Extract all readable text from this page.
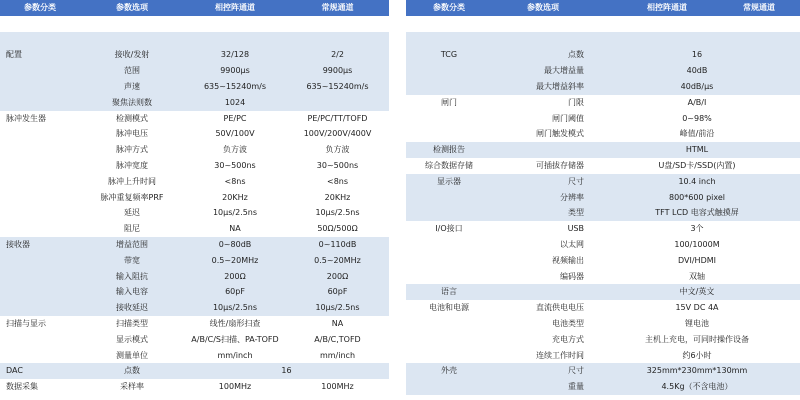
参数分类	参数选项	相控阵通道	常规通道

配置	接收/发射	32/128	2/2
	范围	9900μs	9900μs
	声速	635~15240m/s	635~15240m/s
	聚焦法则数	1024	
脉冲发生器	检测模式	PE/PC	PE/PC/TT/TOFD
	脉冲电压	50V/100V	100V/200V/400V
	脉冲方式	负方波	负方波
	脉冲宽度	30~500ns	30~500ns
	脉冲上升时间	<8ns	<8ns
	脉冲重复频率PRF	20KHz	20KHz
	延迟	10μs/2.5ns	10μs/2.5ns
	阻尼	NA	50Ω/500Ω
接收器	增益范围	0~80dB	0~110dB
	带宽	0.5~20MHz	0.5~20MHz
	输入阻抗	200Ω	200Ω
	输入电容	60pF	60pF
	接收延迟	10μs/2.5ns	10μs/2.5ns
扫描与显示	扫描类型	线性/扇形扫查	NA
	显示模式	A/B/C/S扫描、PA-TOFD	A/B/C,TOFD
	测量单位	mm/inch	mm/inch
DAC	点数	16	
数据采集	采样率	100MHz	100MHz
参数分类	参数选项	相控阵通道	常规通道

TCG	点数	16	
	最大增益量	40dB	
	最大增益斜率	40dB/μs	
闸门	门限	A/B/I	
	闸门阈值	0~98%	
	闸门触发模式	峰值/前沿	
检测报告		HTML	
综合数据存储	可插拔存储器	U盘/SD卡/SSD(内置)	
显示器	尺寸	10.4 inch	
	分辨率	800*600 pixel	
	类型	TFT LCD 电容式触摸屏	
I/O接口	USB	3个	
	以太网	100/1000M	
	视频输出	DVI/HDMI	
	编码器	双轴	
语言		中文/英文	
电池和电源	直流供电电压	15V DC 4A	
	电池类型	锂电池	
	充电方式	主机上充电，可同时操作设备	
	连续工作时间	约6小时	
外壳	尺寸	325mm*230mm*130mm	
	重量	4.5Kg（不含电池）	
